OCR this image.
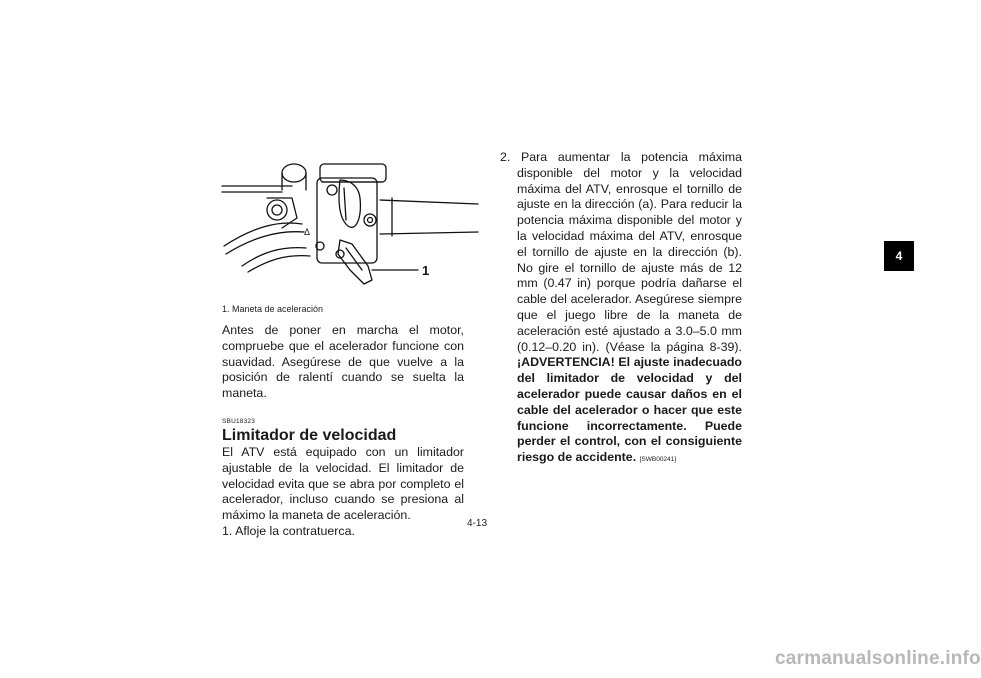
Δ
1
1. Maneta de aceleración

Antes de poner en marcha el motor, compruebe que el acelerador funcione con suavidad. Asegúrese de que vuelve a la posición de ralentí cuando se suelta la maneta.

SBU18323
Limitador de velocidad

El ATV está equipado con un limitador ajustable de la velocidad. El limitador de velocidad evita que se abra por completo el acelerador, incluso cuando se presiona al máximo la maneta de aceleración.

1. Afloje la contratuerca.

2. Para aumentar la potencia máxima disponible del motor y la velocidad máxima del ATV, enrosque el tornillo de ajuste en la dirección (a). Para reducir la potencia máxima disponible del motor y la velocidad máxima del ATV, enrosque el tornillo de ajuste en la dirección (b). No gire el tornillo de ajuste más de 12 mm (0.47 in) porque podría dañarse el cable del acelerador. Asegúrese siempre que el juego libre de la maneta de aceleración esté ajustado a 3.0–5.0 mm (0.12–0.20 in). (Véase la página 8-39). ¡ADVERTENCIA! El ajuste inadecuado del limitador de velocidad y del acelerador puede causar daños en el cable del acelerador o hacer que este funcione incorrectamente. Puede perder el control, con el consiguiente riesgo de accidente. [SWB00241]

4
4-13
carmanualsonline.info
